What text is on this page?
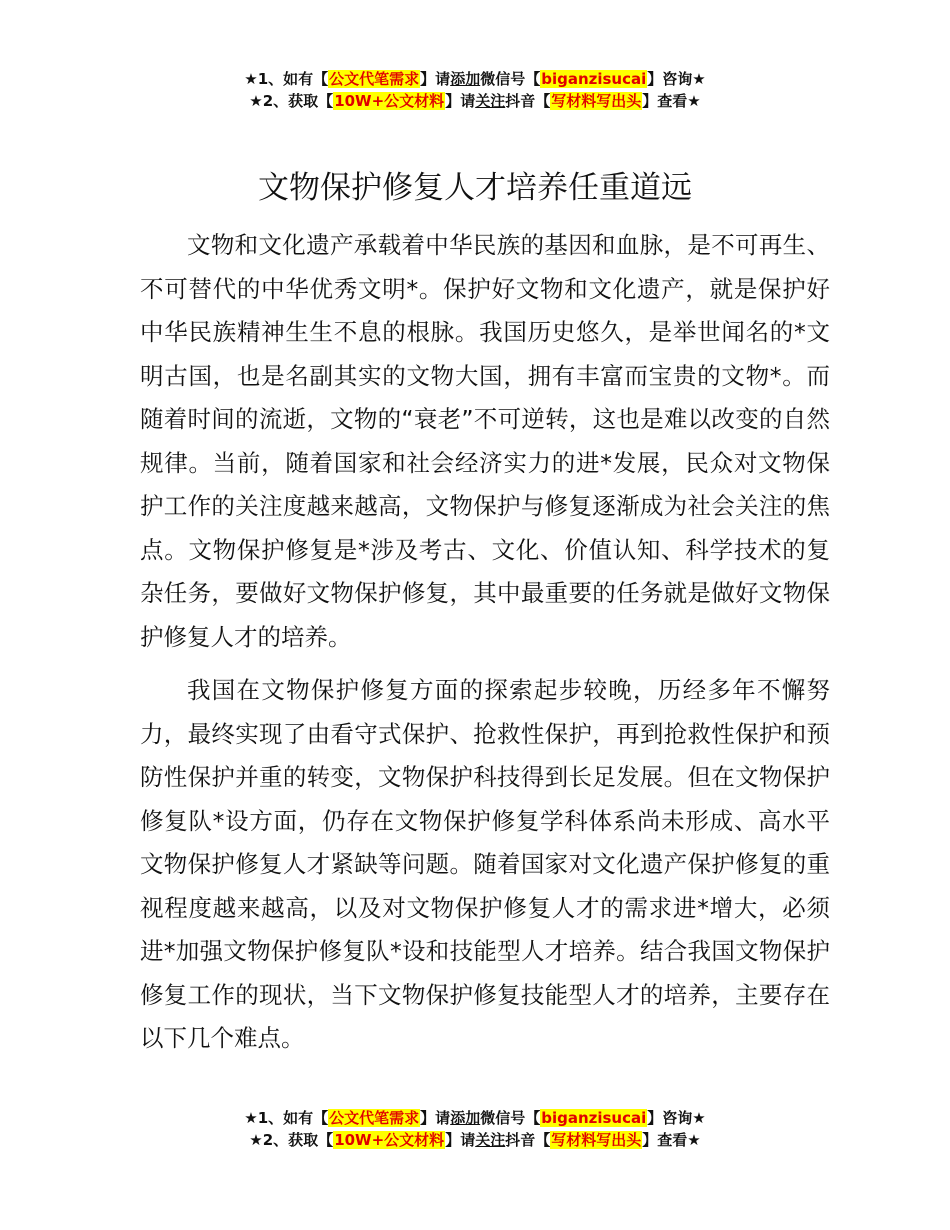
★1、如有【公文代笔需求】请添加微信号【biganzisucai】咨询★
★2、获取【10W+公文材料】请关注抖音【写材料写出头】查看★
文物保护修复人才培养任重道远

文物和文化遗产承载着中华民族的基因和血脉，是不可再生、不可替代的中华优秀文明*。保护好文物和文化遗产，就是保护好中华民族精神生生不息的根脉。我国历史悠久，是举世闻名的*文明古国，也是名副其实的文物大国，拥有丰富而宝贵的文物*。而随着时间的流逝，文物的“衰老”不可逆转，这也是难以改变的自然规律。当前，随着国家和社会经济实力的进*发展，民众对文物保护工作的关注度越来越高，文物保护与修复逐渐成为社会关注的焦点。文物保护修复是*涉及考古、文化、价值认知、科学技术的复杂任务，要做好文物保护修复，其中最重要的任务就是做好文物保护修复人才的培养。

我国在文物保护修复方面的探索起步较晚，历经多年不懈努力，最终实现了由看守式保护、抢救性保护，再到抢救性保护和预防性保护并重的转变，文物保护科技得到长足发展。但在文物保护修复队*设方面，仍存在文物保护修复学科体系尚未形成、高水平文物保护修复人才紧缺等问题。随着国家对文化遗产保护修复的重视程度越来越高，以及对文物保护修复人才的需求进*增大，必须进*加强文物保护修复队*设和技能型人才培养。结合我国文物保护修复工作的现状，当下文物保护修复技能型人才的培养，主要存在以下几个难点。

★1、如有【公文代笔需求】请添加微信号【biganzisucai】咨询★
★2、获取【10W+公文材料】请关注抖音【写材料写出头】查看★
